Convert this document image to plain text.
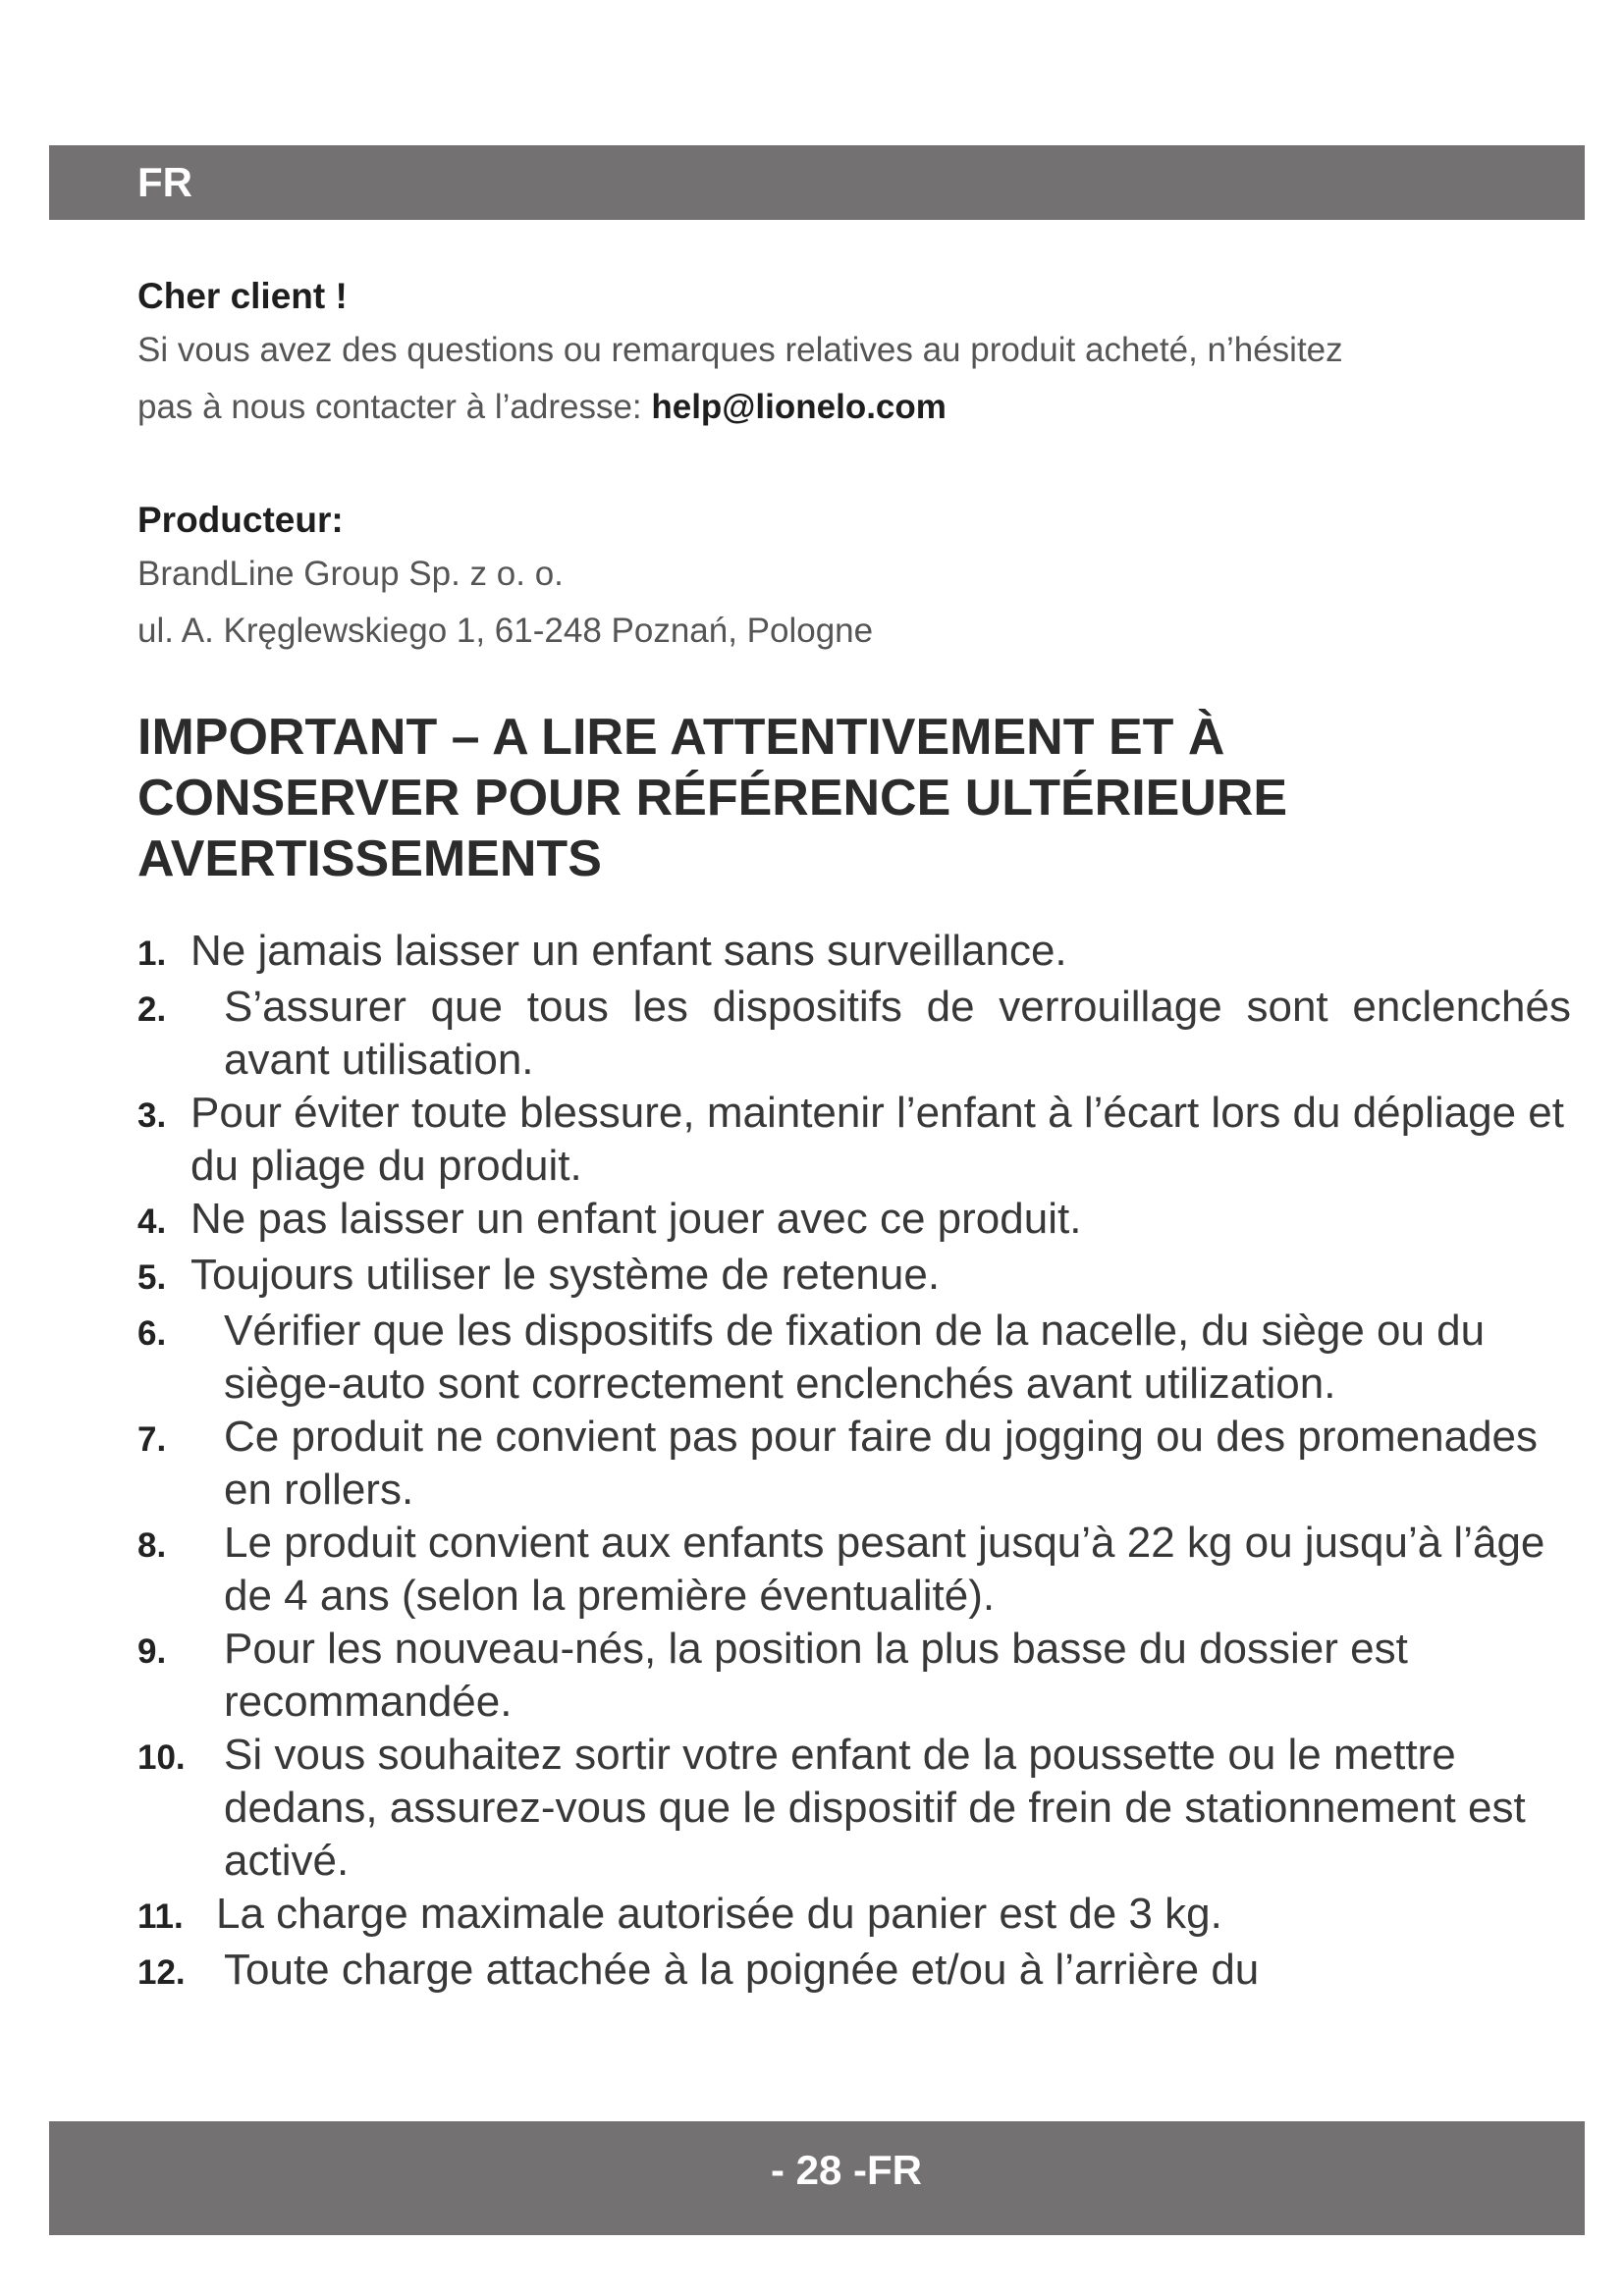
FR
Cher client !
Si vous avez des questions ou remarques relatives au produit acheté, n’hésitez
pas à nous contacter à l’adresse: help@lionelo.com
Producteur:
BrandLine Group Sp. z o. o.
ul. A. Kręglewskiego 1, 61-248 Poznań, Pologne
IMPORTANT – A LIRE ATTENTIVEMENT ET À
CONSERVER POUR RÉFÉRENCE ULTÉRIEURE
AVERTISSEMENTS
1. Ne jamais laisser un enfant sans surveillance.
2.	S’assurer que tous les dispositifs de verrouillage sont enclenchés avant utilisation.
3. Pour éviter toute blessure, maintenir l’enfant à l’écart lors du dépliage et du pliage du produit.
4. Ne pas laisser un enfant jouer avec ce produit.
5. Toujours utiliser le système de retenue.
6.	Vérifier que les dispositifs de fixation de la nacelle, du siège ou du siège-auto sont correctement enclenchés avant utilization.
7.	Ce produit ne convient pas pour faire du jogging ou des promenades en rollers.
8.	Le produit convient aux enfants pesant jusqu’à 22 kg ou jusqu’à l’âge de 4 ans (selon la première éventualité).
9.	Pour les nouveau-nés, la position la plus basse du dossier est recommandée.
10. Si vous souhaitez sortir votre enfant de la poussette ou le mettre dedans, assurez-vous que le dispositif de frein de stationnement est activé.
11. La charge maximale autorisée du panier est de 3 kg.
12. Toute charge attachée à la poignée et/ou à l’arrière du
- 28 -FR
